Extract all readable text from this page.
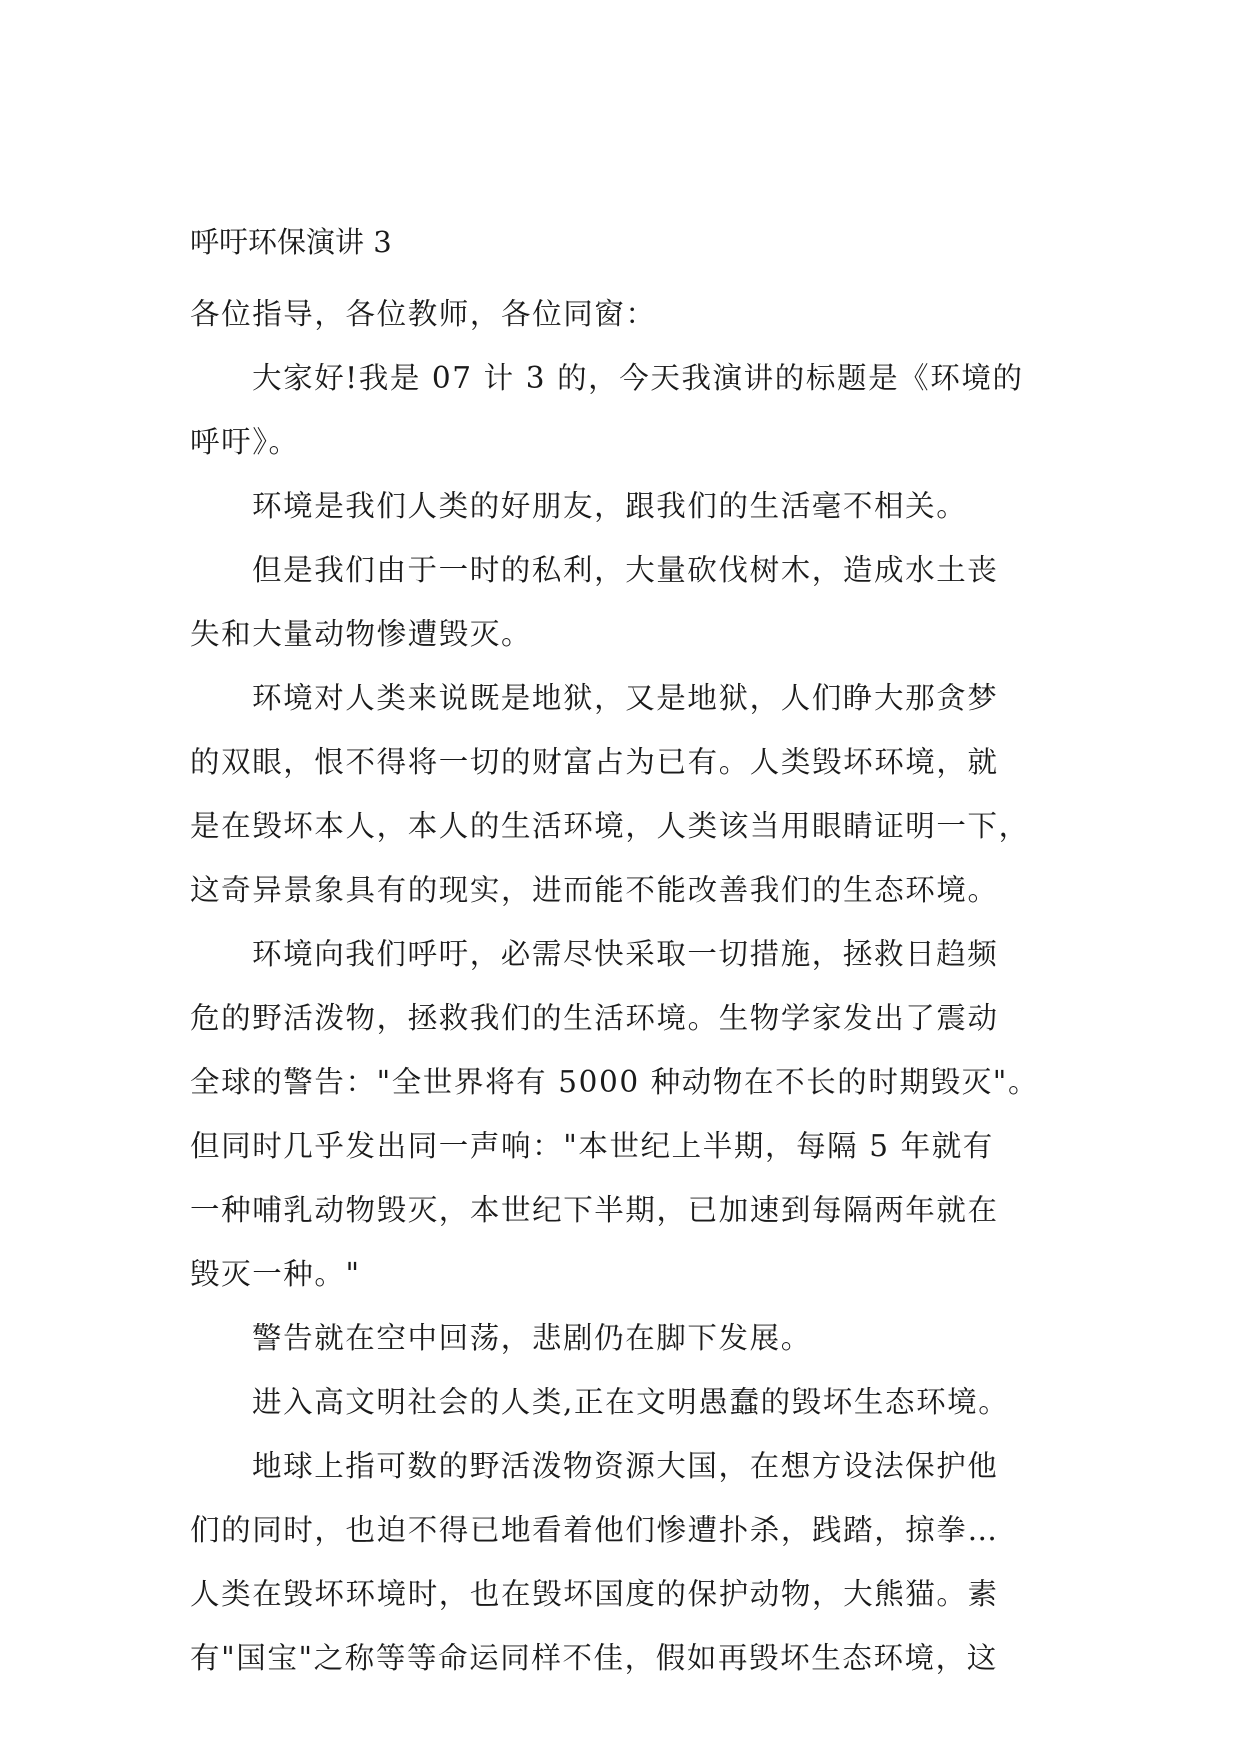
呼吁环保演讲 3
各位指导，各位教师，各位同窗：
大家好!我是 07 计 3 的，今天我演讲的标题是《环境的
呼吁》。
环境是我们人类的好朋友，跟我们的生活毫不相关。
但是我们由于一时的私利，大量砍伐树木，造成水土丧
失和大量动物惨遭毁灭。
环境对人类来说既是地狱，又是地狱，人们睁大那贪梦
的双眼，恨不得将一切的财富占为已有。人类毁坏环境，就
是在毁坏本人，本人的生活环境，人类该当用眼睛证明一下，
这奇异景象具有的现实，进而能不能改善我们的生态环境。
环境向我们呼吁，必需尽快采取一切措施，拯救日趋频
危的野活泼物，拯救我们的生活环境。生物学家发出了震动
全球的警告："全世界将有 5000 种动物在不长的时期毁灭"。
但同时几乎发出同一声响："本世纪上半期，每隔 5 年就有
一种哺乳动物毁灭，本世纪下半期，已加速到每隔两年就在
毁灭一种。"
警告就在空中回荡，悲剧仍在脚下发展。
进入高文明社会的人类,正在文明愚蠢的毁坏生态环境。
地球上指可数的野活泼物资源大国，在想方设法保护他
们的同时，也迫不得已地看着他们惨遭扑杀，践踏，掠拳…
人类在毁坏环境时，也在毁坏国度的保护动物，大熊猫。素
有"国宝"之称等等命运同样不佳，假如再毁坏生态环境，这
